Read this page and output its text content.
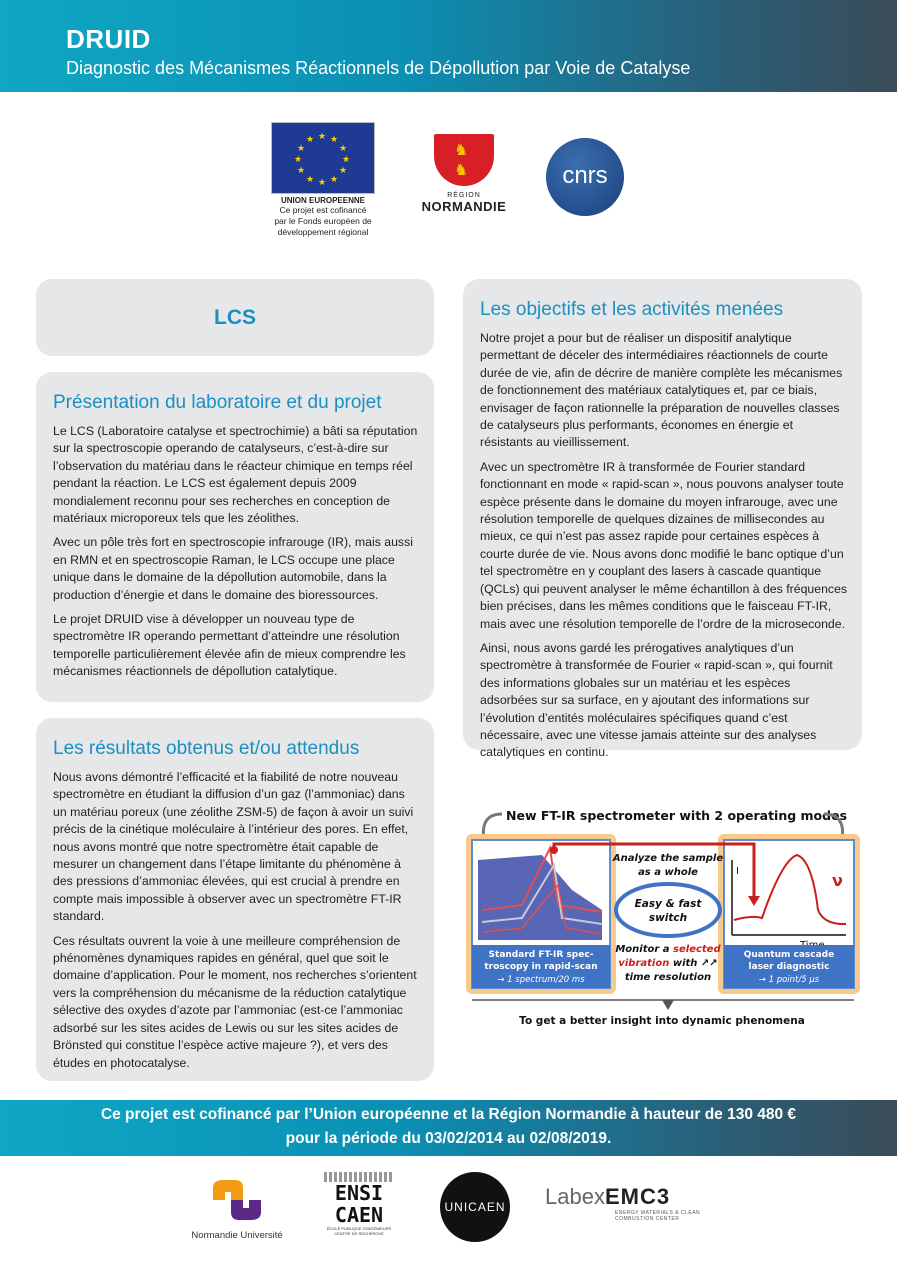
DRUID
Diagnostic des Mécanismes Réactionnels de Dépollution par Voie de Catalyse
★ ★
★
★
★
★
★
★
★
★
★
★
UNION EUROPEENNE
Ce projet est cofinancé
par le Fonds européen de
développement régional
♞
♞
RÉGION
NORMANDIE
cnrs
LCS
Présentation du laboratoire et du projet

Le LCS (Laboratoire catalyse et spectrochimie) a bâti sa réputation sur la spectroscopie operando de catalyseurs, c’est-à-dire sur l’observation du matériau dans le réacteur chimique en temps réel pendant la réaction. Le LCS est également depuis 2009 mondialement reconnu pour ses recherches en conception de matériaux microporeux tels que les zéolithes.

Avec un pôle très fort en spectroscopie infrarouge (IR), mais aussi en RMN et en spectroscopie Raman, le LCS occupe une place unique dans le domaine de la dépollution automobile, dans la production d’énergie et dans le domaine des bioressources.

Le projet DRUID vise à développer un nouveau type de spectromètre IR operando permettant d’atteindre une résolution temporelle particulièrement élevée afin de mieux comprendre les mécanismes réactionnels de dépollution catalytique.

Les résultats obtenus et/ou attendus

Nous avons démontré l’efficacité et la fiabilité de notre nouveau spectromètre en étudiant la diffusion d’un gaz (l’ammoniac) dans un matériau poreux (une zéolithe ZSM-5) de façon à avoir un suivi précis de la cinétique moléculaire à l’intérieur des pores. En effet, nous avons montré que notre spectromètre était capable de mesurer un changement dans l’étape limitante du phénomène à des pressions d’ammoniac élevées, qui est crucial à prendre en compte mais impossible à observer avec un spectromètre FT-IR standard.

Ces résultats ouvrent la voie à une meilleure compréhension de phénomènes dynamiques rapides en général, quel que soit le domaine d’application. Pour le moment, nos recherches s’orientent vers la compréhension du mécanisme de la réduction catalytique sélective des oxydes d’azote par l’ammoniac (est-ce l’ammoniac adsorbé sur les sites acides de Lewis ou sur les sites acides de Brönsted qui constitue l’espèce active majeure ?), et vers des études en photocatalyse.

Les objectifs et les activités menées

Notre projet a pour but de réaliser un dispositif analytique permettant de déceler des intermédiaires réactionnels de courte durée de vie, afin de décrire de manière complète les mécanismes de fonctionnement des matériaux catalytiques et, par ce biais, envisager de façon rationnelle la préparation de nouvelles classes de catalyseurs plus performants, économes en énergie et résistants au vieillissement.

Avec un spectromètre IR à transformée de Fourier standard fonctionnant en mode « rapid-scan », nous pouvons analyser toute espèce présente dans le domaine du moyen infrarouge, avec une résolution temporelle de quelques dizaines de millisecondes au mieux, ce qui n’est pas assez rapide pour certaines espèces à courte durée de vie. Nous avons donc modifié le banc optique d’un tel spectromètre en y couplant des lasers à cascade quantique (QCLs) qui peuvent analyser le même échantillon à des fréquences bien précises, dans les mêmes conditions que le faisceau FT-IR, mais avec une résolution temporelle de l’ordre de la microseconde.

Ainsi, nous avons gardé les prérogatives analytiques d’un spectromètre à transformée de Fourier « rapid-scan », qui fournit des informations globales sur un matériau et les espèces adsorbées sur sa surface, en y ajoutant des informations sur l’évolution d’entités moléculaires spécifiques quand c’est nécessaire, avec une vitesse jamais atteinte sur des analyses catalytiques en continu.

New FT-IR spectrometer with 2 operating modes
Standard FT-IR spec-
troscopy in rapid-scan
→ 1 spectrum/20 ms
I	ν
Quantum cascade
laser diagnostic
→ 1 point/5 µs
Analyze the sample
as a whole
Easy & fast
switch
Monitor a selected
vibration with ↗↗
time resolution
To get a better insight into dynamic phenomena
Ce projet est cofinancé par l’Union européenne et la Région Normandie à hauteur de 130 480 €
pour la période du 03/02/2014 au 02/08/2019.
Normandie Université
ENSI
CAEN
ÉCOLE PUBLIQUE D'INGÉNIEURS CENTRE DE RECHERCHE
UNICAEN LabexEMC3
ENERGY MATERIALS & CLEAN COMBUSTION CENTER
